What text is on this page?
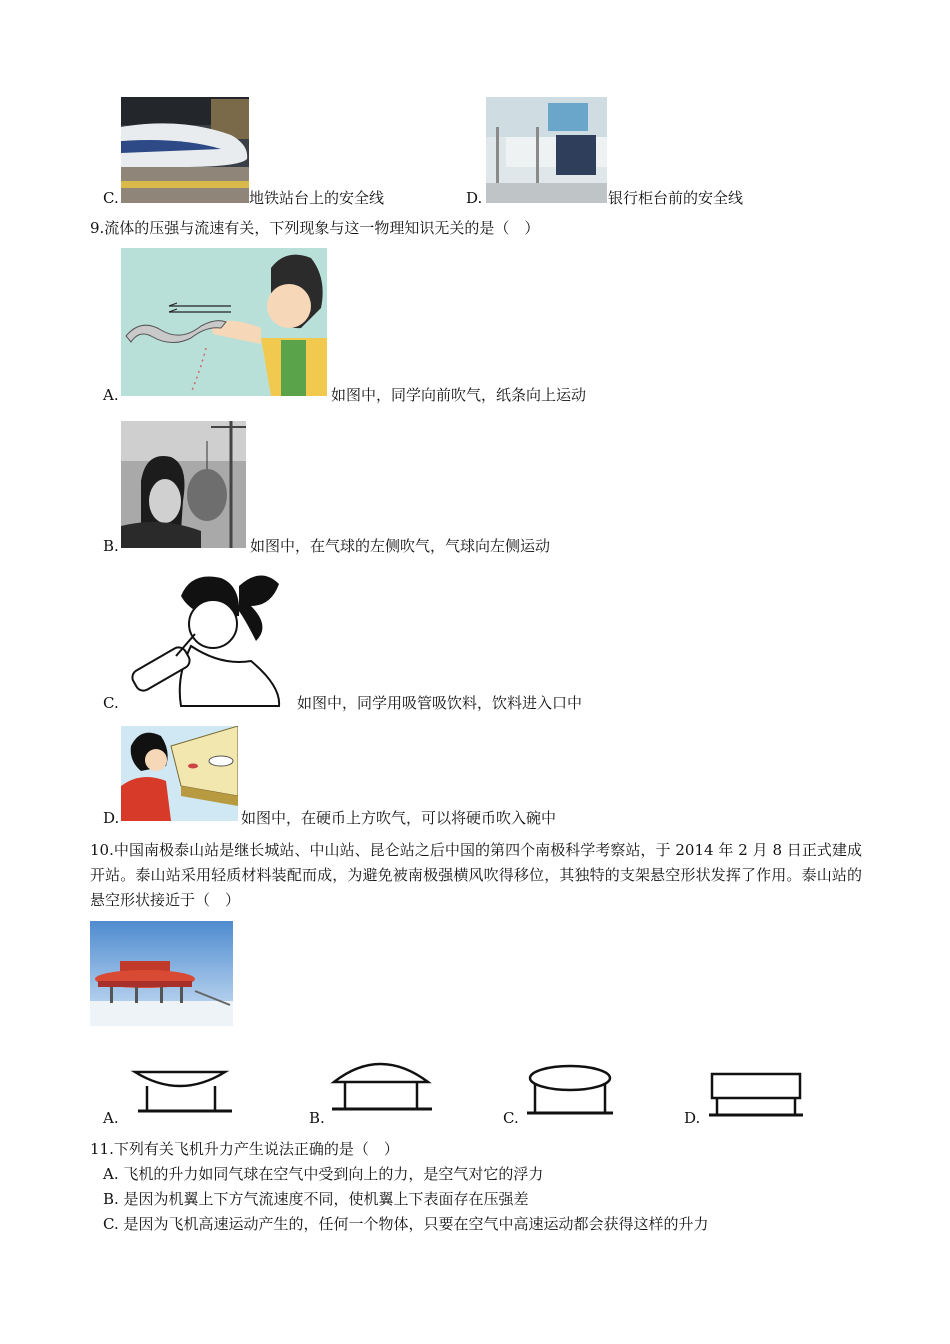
C.	地铁站台上的安全线	D.	银行柜台前的安全线
9.流体的压强与流速有关，下列现象与这一物理知识无关的是（　）
A.	如图中，同学向前吹气，纸条向上运动
B.	如图中，在气球的左侧吹气，气球向左侧运动
C.	如图中，同学用吸管吸饮料，饮料进入口中
D.	如图中，在硬币上方吹气，可以将硬币吹入碗中
10.中国南极泰山站是继长城站、中山站、昆仑站之后中国的第四个南极科学考察站，于 2014 年 2 月 8 日正式建成开站。泰山站采用轻质材料装配而成，为避免被南极强横风吹得移位，其独特的支架悬空形状发挥了作用。泰山站的悬空形状接近于（　）
A.	B.	C.	D.
11.下列有关飞机升力产生说法正确的是（　）
A. 飞机的升力如同气球在空气中受到向上的力，是空气对它的浮力
B. 是因为机翼上下方气流速度不同，使机翼上下表面存在压强差
C. 是因为飞机高速运动产生的，任何一个物体，只要在空气中高速运动都会获得这样的升力
